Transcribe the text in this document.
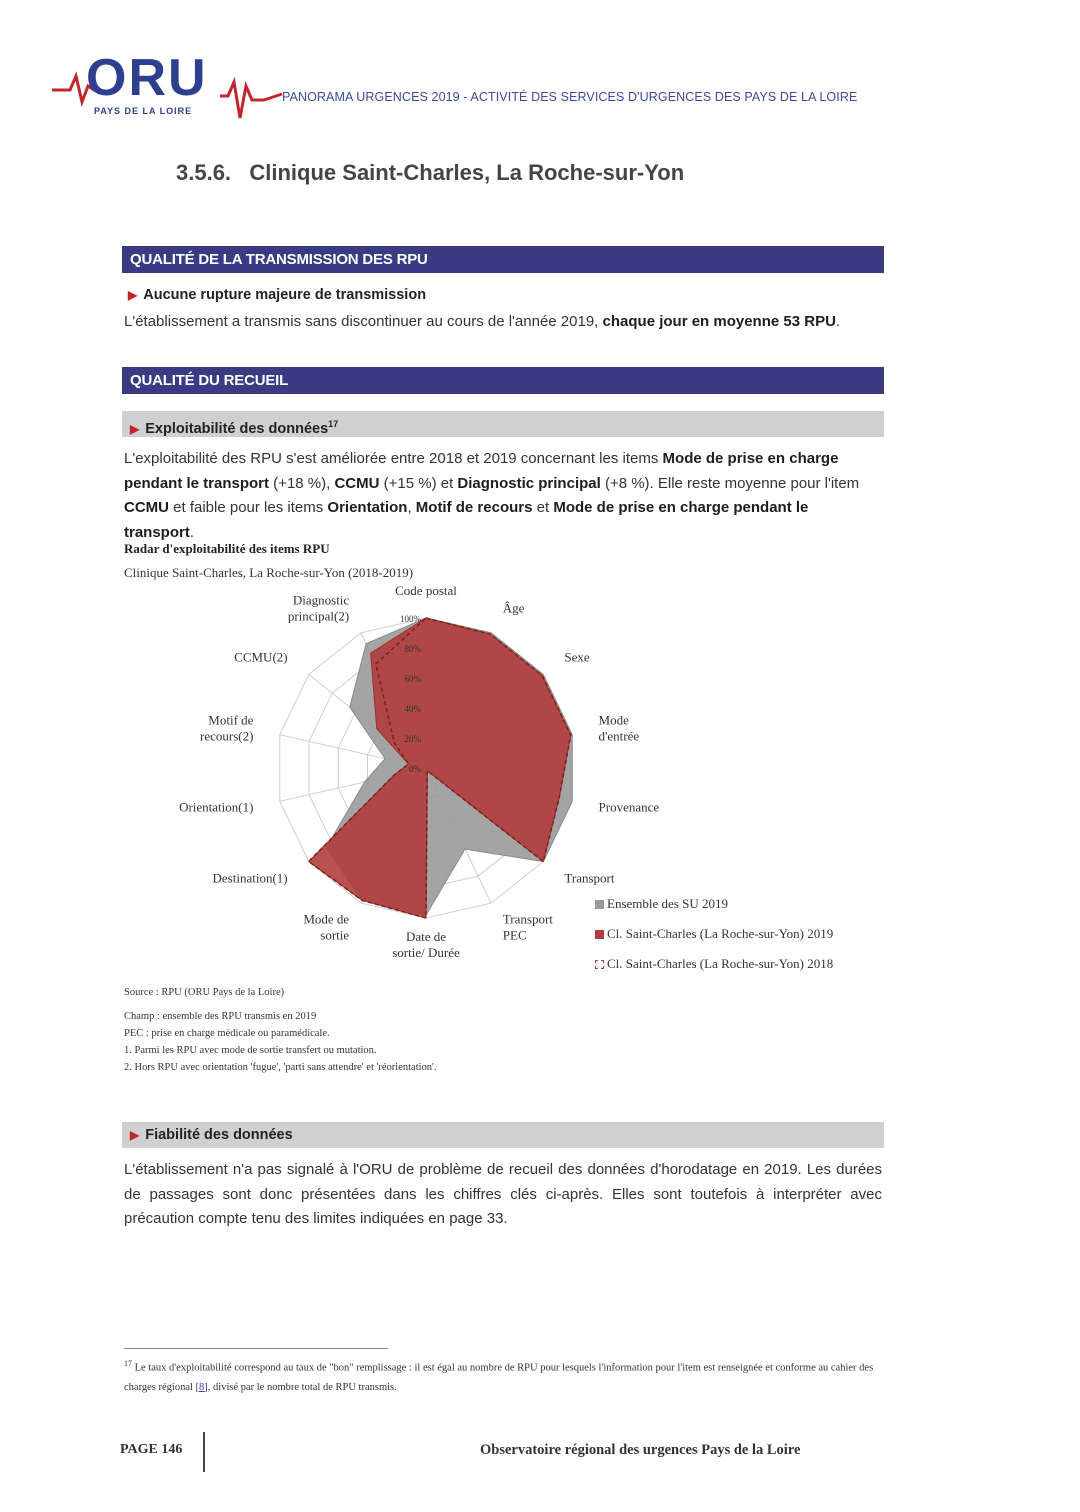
ORU
PAYS DE LA LOIRE
PANORAMA URGENCES 2019 - ACTIVITÉ DES SERVICES D'URGENCES DES PAYS DE LA LOIRE
3.5.6.   Clinique Saint-Charles, La Roche-sur-Yon
QUALITÉ DE LA TRANSMISSION DES RPU
▶ Aucune rupture majeure de transmission
L'établissement a transmis sans discontinuer au cours de l'année 2019, chaque jour en moyenne 53 RPU.
QUALITÉ DU RECUEIL
▶ Exploitabilité des données$^{17}$
L'exploitabilité des RPU s'est améliorée entre 2018 et 2019 concernant les items Mode de prise en charge pendant le transport (+18 %), CCMU (+15 %) et Diagnostic principal (+8 %). Elle reste moyenne pour l'item CCMU et faible pour les items Orientation, Motif de recours et Mode de prise en charge pendant le transport.
Radar d'exploitabilité des items RPU
Clinique Saint-Charles, La Roche-sur-Yon (2018-2019)
0%
20%
40%
60%
80%
100%
Code postal
Âge
Sexe
Mode d'entrée
Provenance
Transport
Transport PEC
Date de sortie/ Durée
Mode de sortie
Destination(1)
Orientation(1)
Motif de recours(2)
CCMU(2)
Diagnostic principal(2)
Ensemble des SU 2019
Cl. Saint-Charles (La Roche-sur-Yon) 2019
Cl. Saint-Charles (La Roche-sur-Yon) 2018
Source : RPU (ORU Pays de la Loire)
Champ : ensemble des RPU transmis en 2019
PEC : prise en charge médicale ou paramédicale.
1. Parmi les RPU avec mode de sortie transfert ou mutation.
2. Hors RPU avec orientation 'fugue', 'parti sans attendre' et 'réorientation'.
▶ Fiabilité des données
L'établissement n'a pas signalé à l'ORU de problème de recueil des données d'horodatage en 2019. Les durées de passages sont donc présentées dans les chiffres clés ci-après. Elles sont toutefois à interpréter avec précaution compte tenu des limites indiquées en page 33.
$^{17}$ Le taux d'exploitabilité correspond au taux de "bon" remplissage : il est égal au nombre de RPU pour lesquels l'information pour l'item est renseignée et conforme au cahier des charges régional [8], divisé par le nombre total de RPU transmis.
PAGE 146	Observatoire régional des urgences Pays de la Loire
